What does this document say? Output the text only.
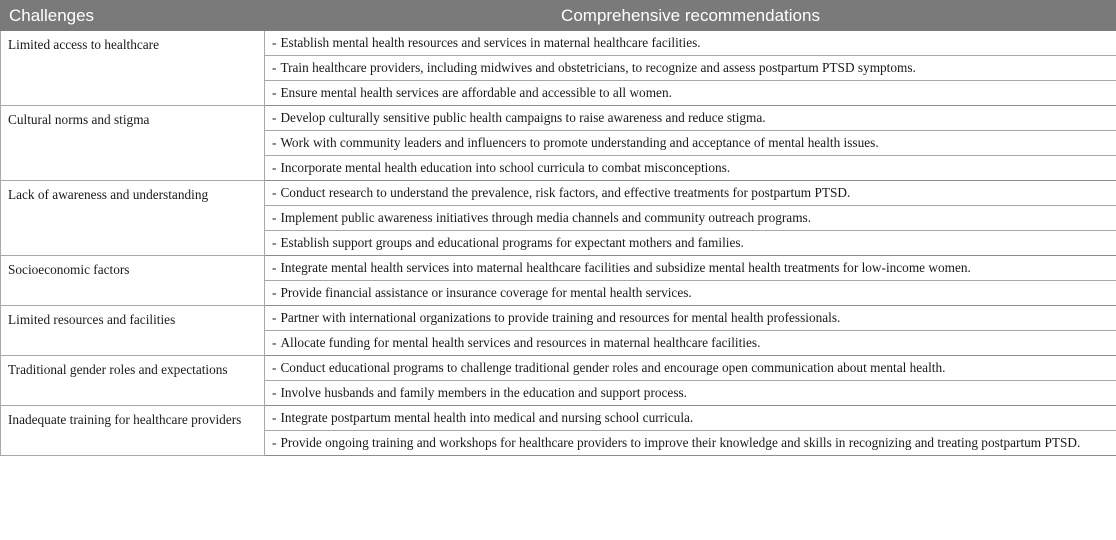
Challenges	Comprehensive recommendations
Limited access to healthcare	- Establish mental health resources and services in maternal healthcare facilities.
	- Train healthcare providers, including midwives and obstetricians, to recognize and assess postpartum PTSD symptoms.
	- Ensure mental health services are affordable and accessible to all women.
Cultural norms and stigma	- Develop culturally sensitive public health campaigns to raise awareness and reduce stigma.
	- Work with community leaders and influencers to promote understanding and acceptance of mental health issues.
	- Incorporate mental health education into school curricula to combat misconceptions.
Lack of awareness and understanding	- Conduct research to understand the prevalence, risk factors, and effective treatments for postpartum PTSD.
	- Implement public awareness initiatives through media channels and community outreach programs.
	- Establish support groups and educational programs for expectant mothers and families.
Socioeconomic factors	- Integrate mental health services into maternal healthcare facilities and subsidize mental health treatments for low-income women.
	- Provide financial assistance or insurance coverage for mental health services.
Limited resources and facilities	- Partner with international organizations to provide training and resources for mental health professionals.
	- Allocate funding for mental health services and resources in maternal healthcare facilities.
Traditional gender roles and expectations	- Conduct educational programs to challenge traditional gender roles and encourage open communication about mental health.
	- Involve husbands and family members in the education and support process.
Inadequate training for healthcare providers	- Integrate postpartum mental health into medical and nursing school curricula.
	- Provide ongoing training and workshops for healthcare providers to improve their knowledge and skills in recognizing and treating postpartum PTSD.
